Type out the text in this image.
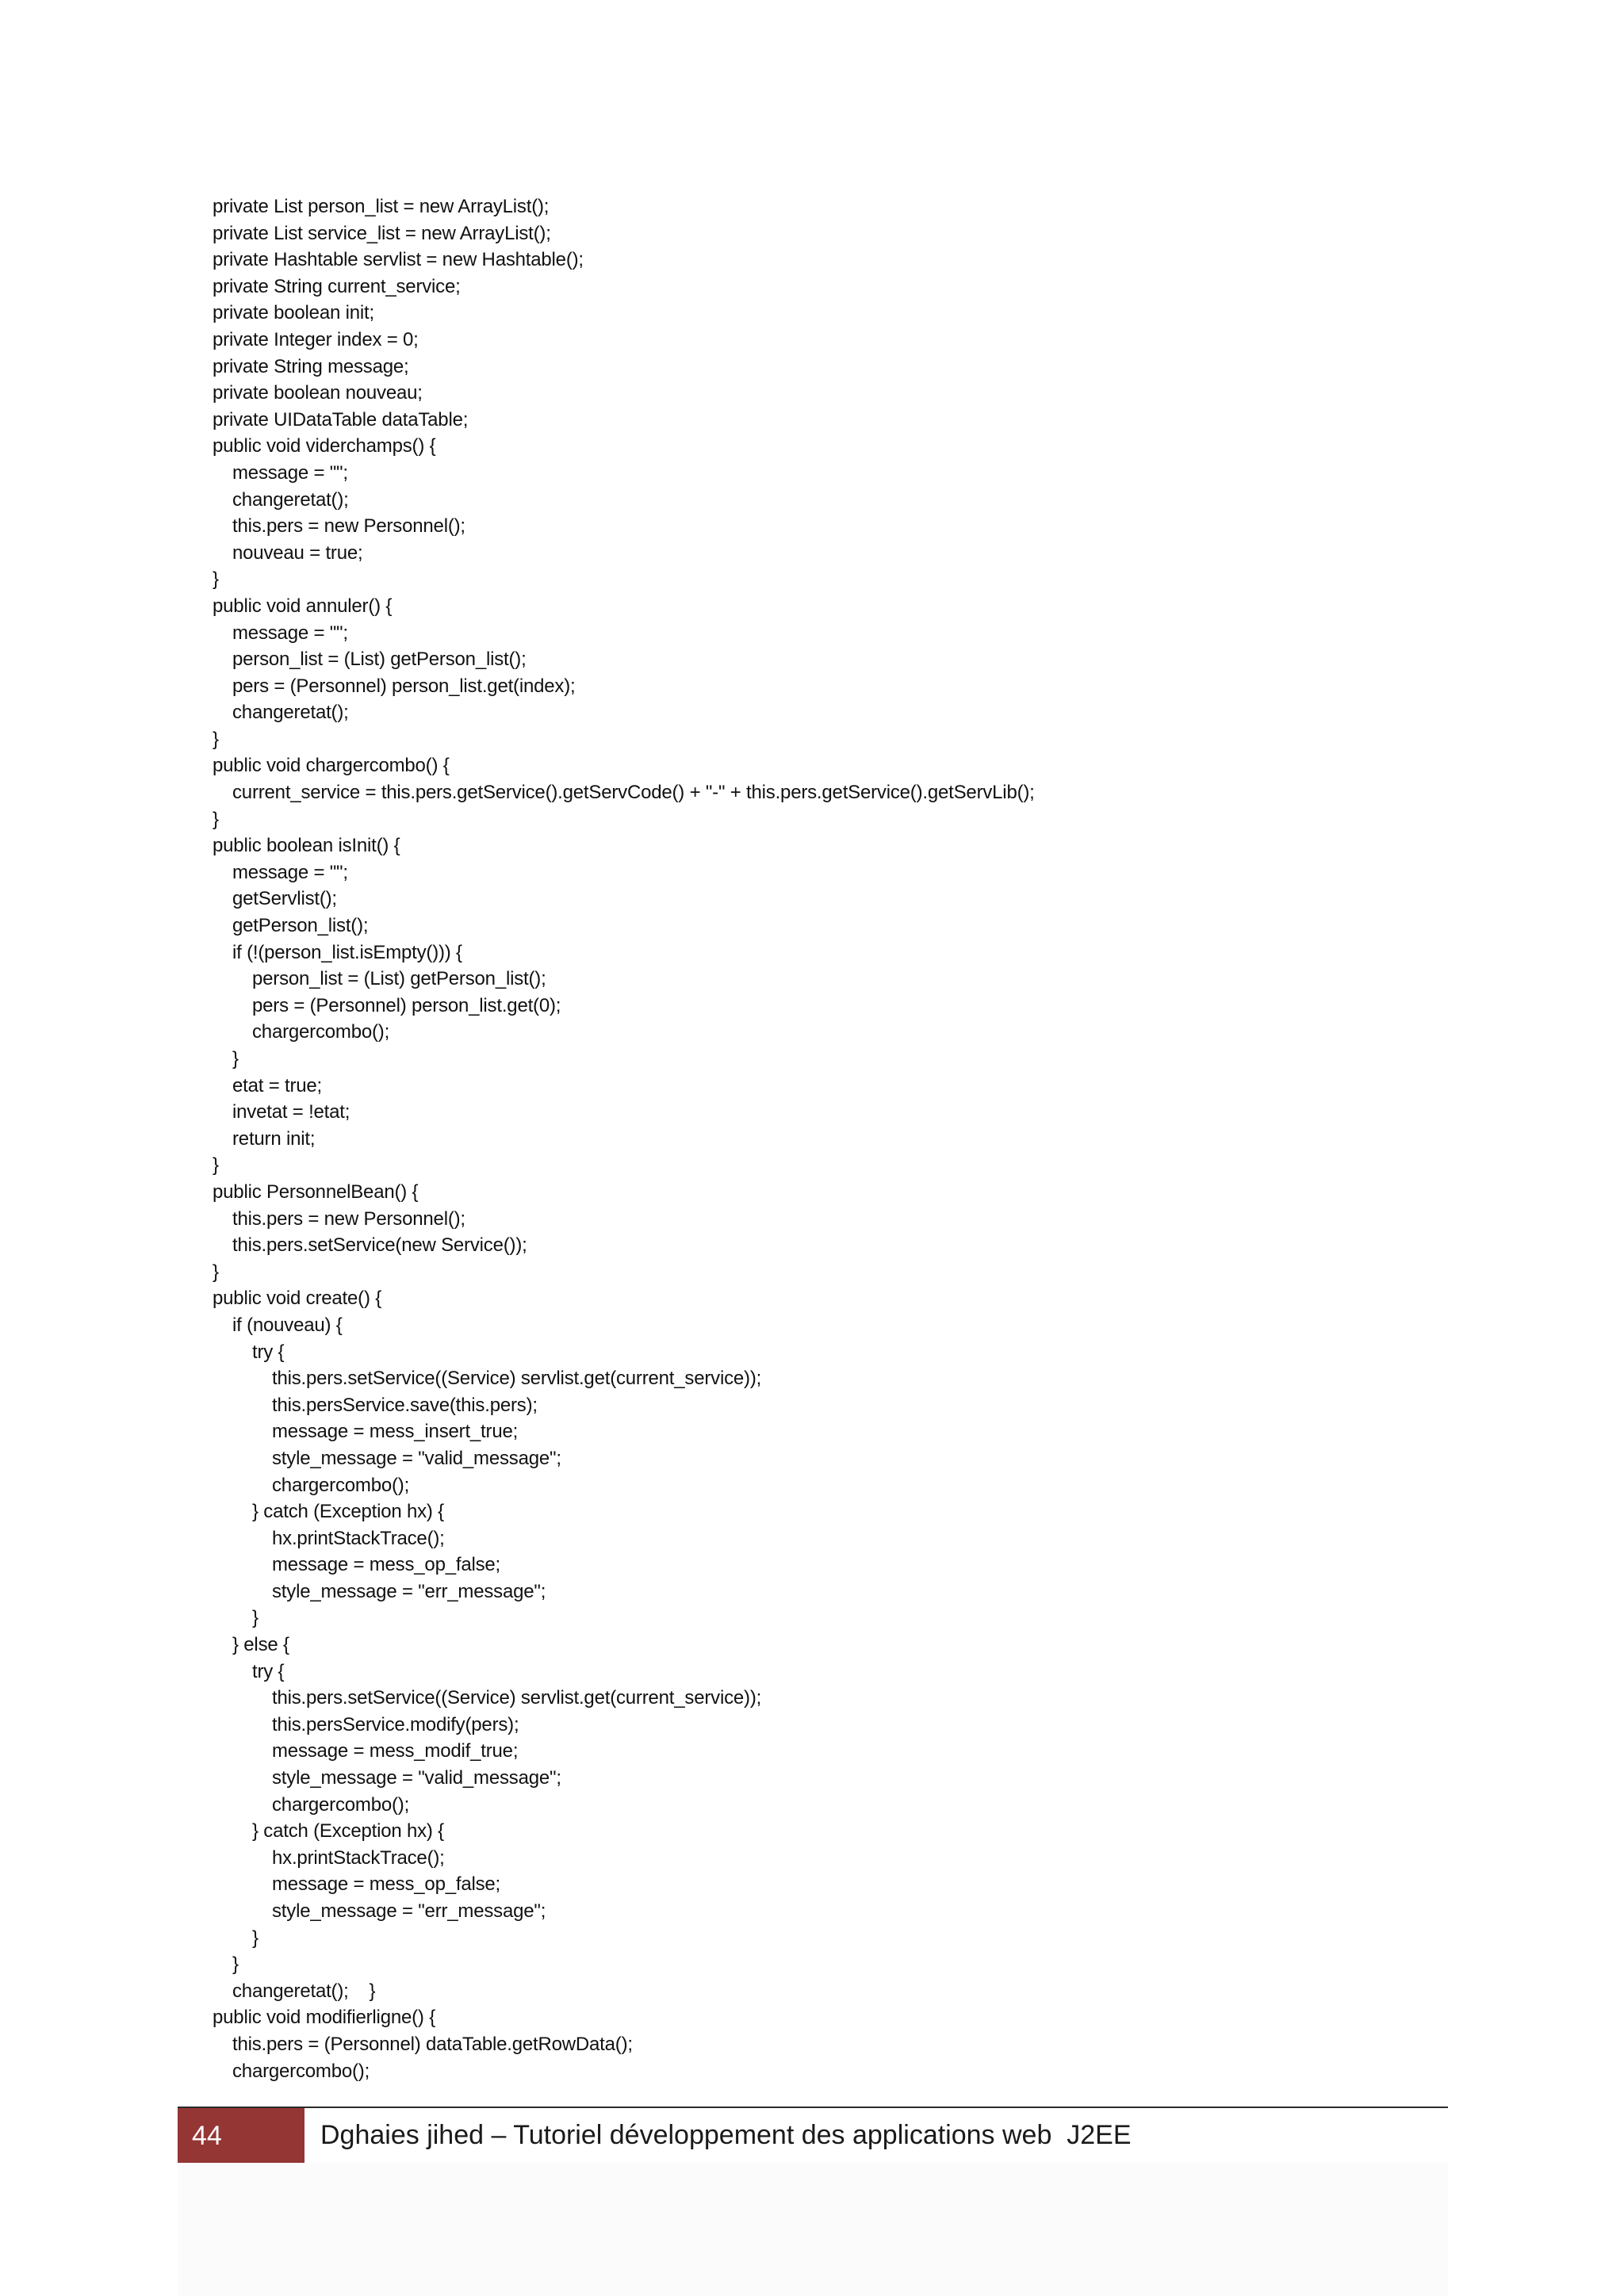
private List person_list = new ArrayList();
private List service_list = new ArrayList();
private Hashtable servlist = new Hashtable();
private String current_service;
private boolean init;
private Integer index = 0;
private String message;
private boolean nouveau;
private UIDataTable dataTable;
public void viderchamps() {
message = "";
changeretat();
this.pers = new Personnel();
nouveau = true;
}
public void annuler() {
message = "";
person_list = (List) getPerson_list();
pers = (Personnel) person_list.get(index);
changeretat();
}
public void chargercombo() {
current_service = this.pers.getService().getServCode() + "-" + this.pers.getService().getServLib();
}
public boolean isInit() {
message = "";
getServlist();
getPerson_list();
if (!(person_list.isEmpty())) {
person_list = (List) getPerson_list();
pers = (Personnel) person_list.get(0);
chargercombo();
}
etat = true;
invetat = !etat;
return init;
}
public PersonnelBean() {
this.pers = new Personnel();
this.pers.setService(new Service());
}
public void create() {
if (nouveau) {
try {
this.pers.setService((Service) servlist.get(current_service));
this.persService.save(this.pers);
message = mess_insert_true;
style_message = "valid_message";
chargercombo();
} catch (Exception hx) {
hx.printStackTrace();
message = mess_op_false;
style_message = "err_message";
}
} else {
try {
this.pers.setService((Service) servlist.get(current_service));
this.persService.modify(pers);
message = mess_modif_true;
style_message = "valid_message";
chargercombo();
} catch (Exception hx) {
hx.printStackTrace();
message = mess_op_false;
style_message = "err_message";
}
}
changeretat();    }
public void modifierligne() {
this.pers = (Personnel) dataTable.getRowData();
chargercombo();
44	Dghaies jihed – Tutoriel développement des applications web  J2EE
